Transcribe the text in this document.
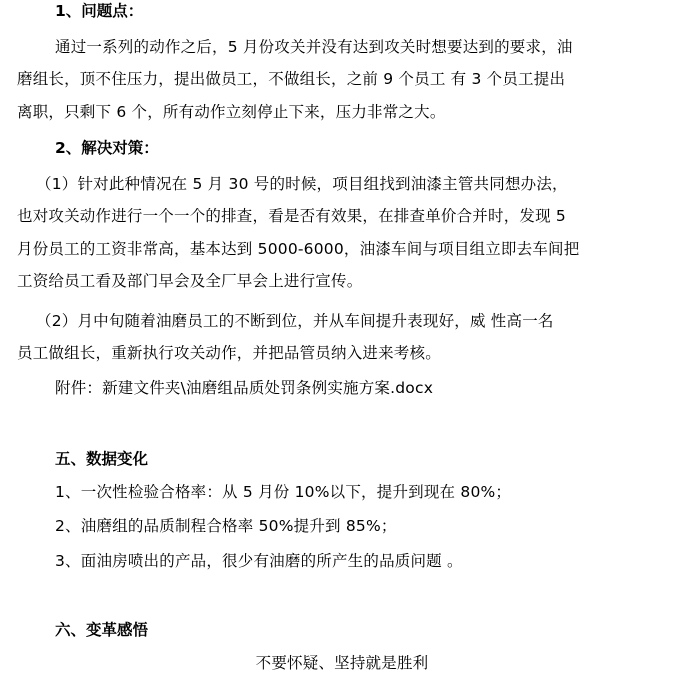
1、问题点：
通过一系列的动作之后，5 月份攻关并没有达到攻关时想要达到的要求，油
磨组长，顶不住压力，提出做员工，不做组长，之前 9 个员工 有 3 个员工提出
离职，只剩下 6 个，所有动作立刻停止下来，压力非常之大。
2、解决对策：
（1）针对此种情况在 5 月 30 号的时候，项目组找到油漆主管共同想办法，
也对攻关动作进行一个一个的排查，看是否有效果，在排查单价合并时，发现 5
月份员工的工资非常高，基本达到 5000-6000，油漆车间与项目组立即去车间把
工资给员工看及部门早会及全厂早会上进行宣传。
（2）月中旬随着油磨员工的不断到位，并从车间提升表现好，威 性高一名
员工做组长，重新执行攻关动作，并把品管员纳入进来考核。
附件：新建文件夹\油磨组品质处罚条例实施方案.docx
五、数据变化
1、一次性检验合格率：从 5 月份 10%以下，提升到现在 80%；
2、油磨组的品质制程合格率 50%提升到 85%；
3、面油房喷出的产品，很少有油磨的所产生的品质问题 。
六、变革感悟
不要怀疑、坚持就是胜利
